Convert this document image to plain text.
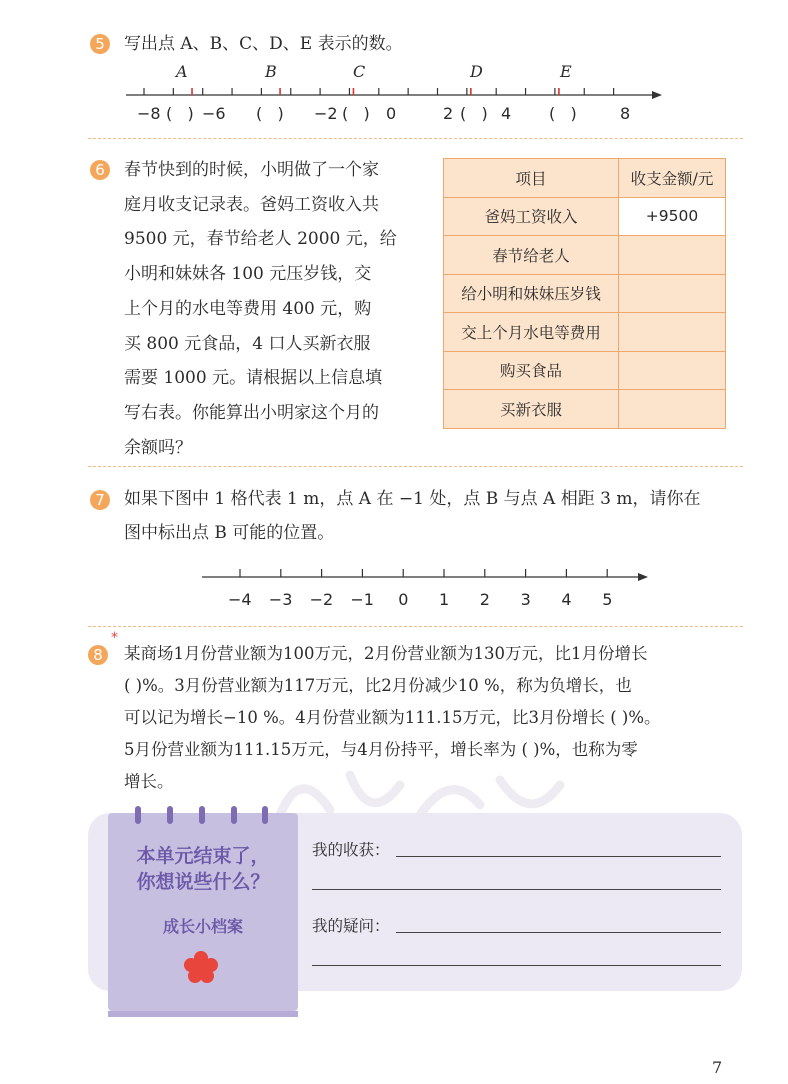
5	写出点 A、B、C、D、E 表示的数。
A	B	C	D	E
−8 (   ) −6 (   ) −2 (   ) 0	2 (   ) 4 (   )	8
6	春节快到的时候，小明做了一个家
庭月收支记录表。爸妈工资收入共
9500 元，春节给老人 2000 元，给
小明和妹妹各 100 元压岁钱，交
上个月的水电等费用 400 元，购
买 800 元食品，4 口人买新衣服
需要 1000 元。请根据以上信息填
写右表。你能算出小明家这个月的
余额吗？
项目	收支金额/元
爸妈工资收入	+9500
春节给老人	
给小明和妹妹压岁钱	
交上个月水电等费用	
购买食品	
买新衣服	
7	如果下图中 1 格代表 1 m，点 A 在 −1 处，点 B 与点 A 相距 3 m，请你在
图中标出点 B 可能的位置。
−4 −3 −2 −1 0 1 2 3 4 5
8
*
某商场1月份营业额为100万元，2月份营业额为130万元，比1月份增长
( )%。3月份营业额为117万元，比2月份减少10 %，称为负增长，也
可以记为增长−10 %。4月份营业额为111.15万元，比3月份增长 ( )%。
5月份营业额为111.15万元，与4月份持平，增长率为 ( )%，也称为零
增长。
本单元结束了，
你想说些什么？
成长小档案
我的收获：
我的疑问：
7
